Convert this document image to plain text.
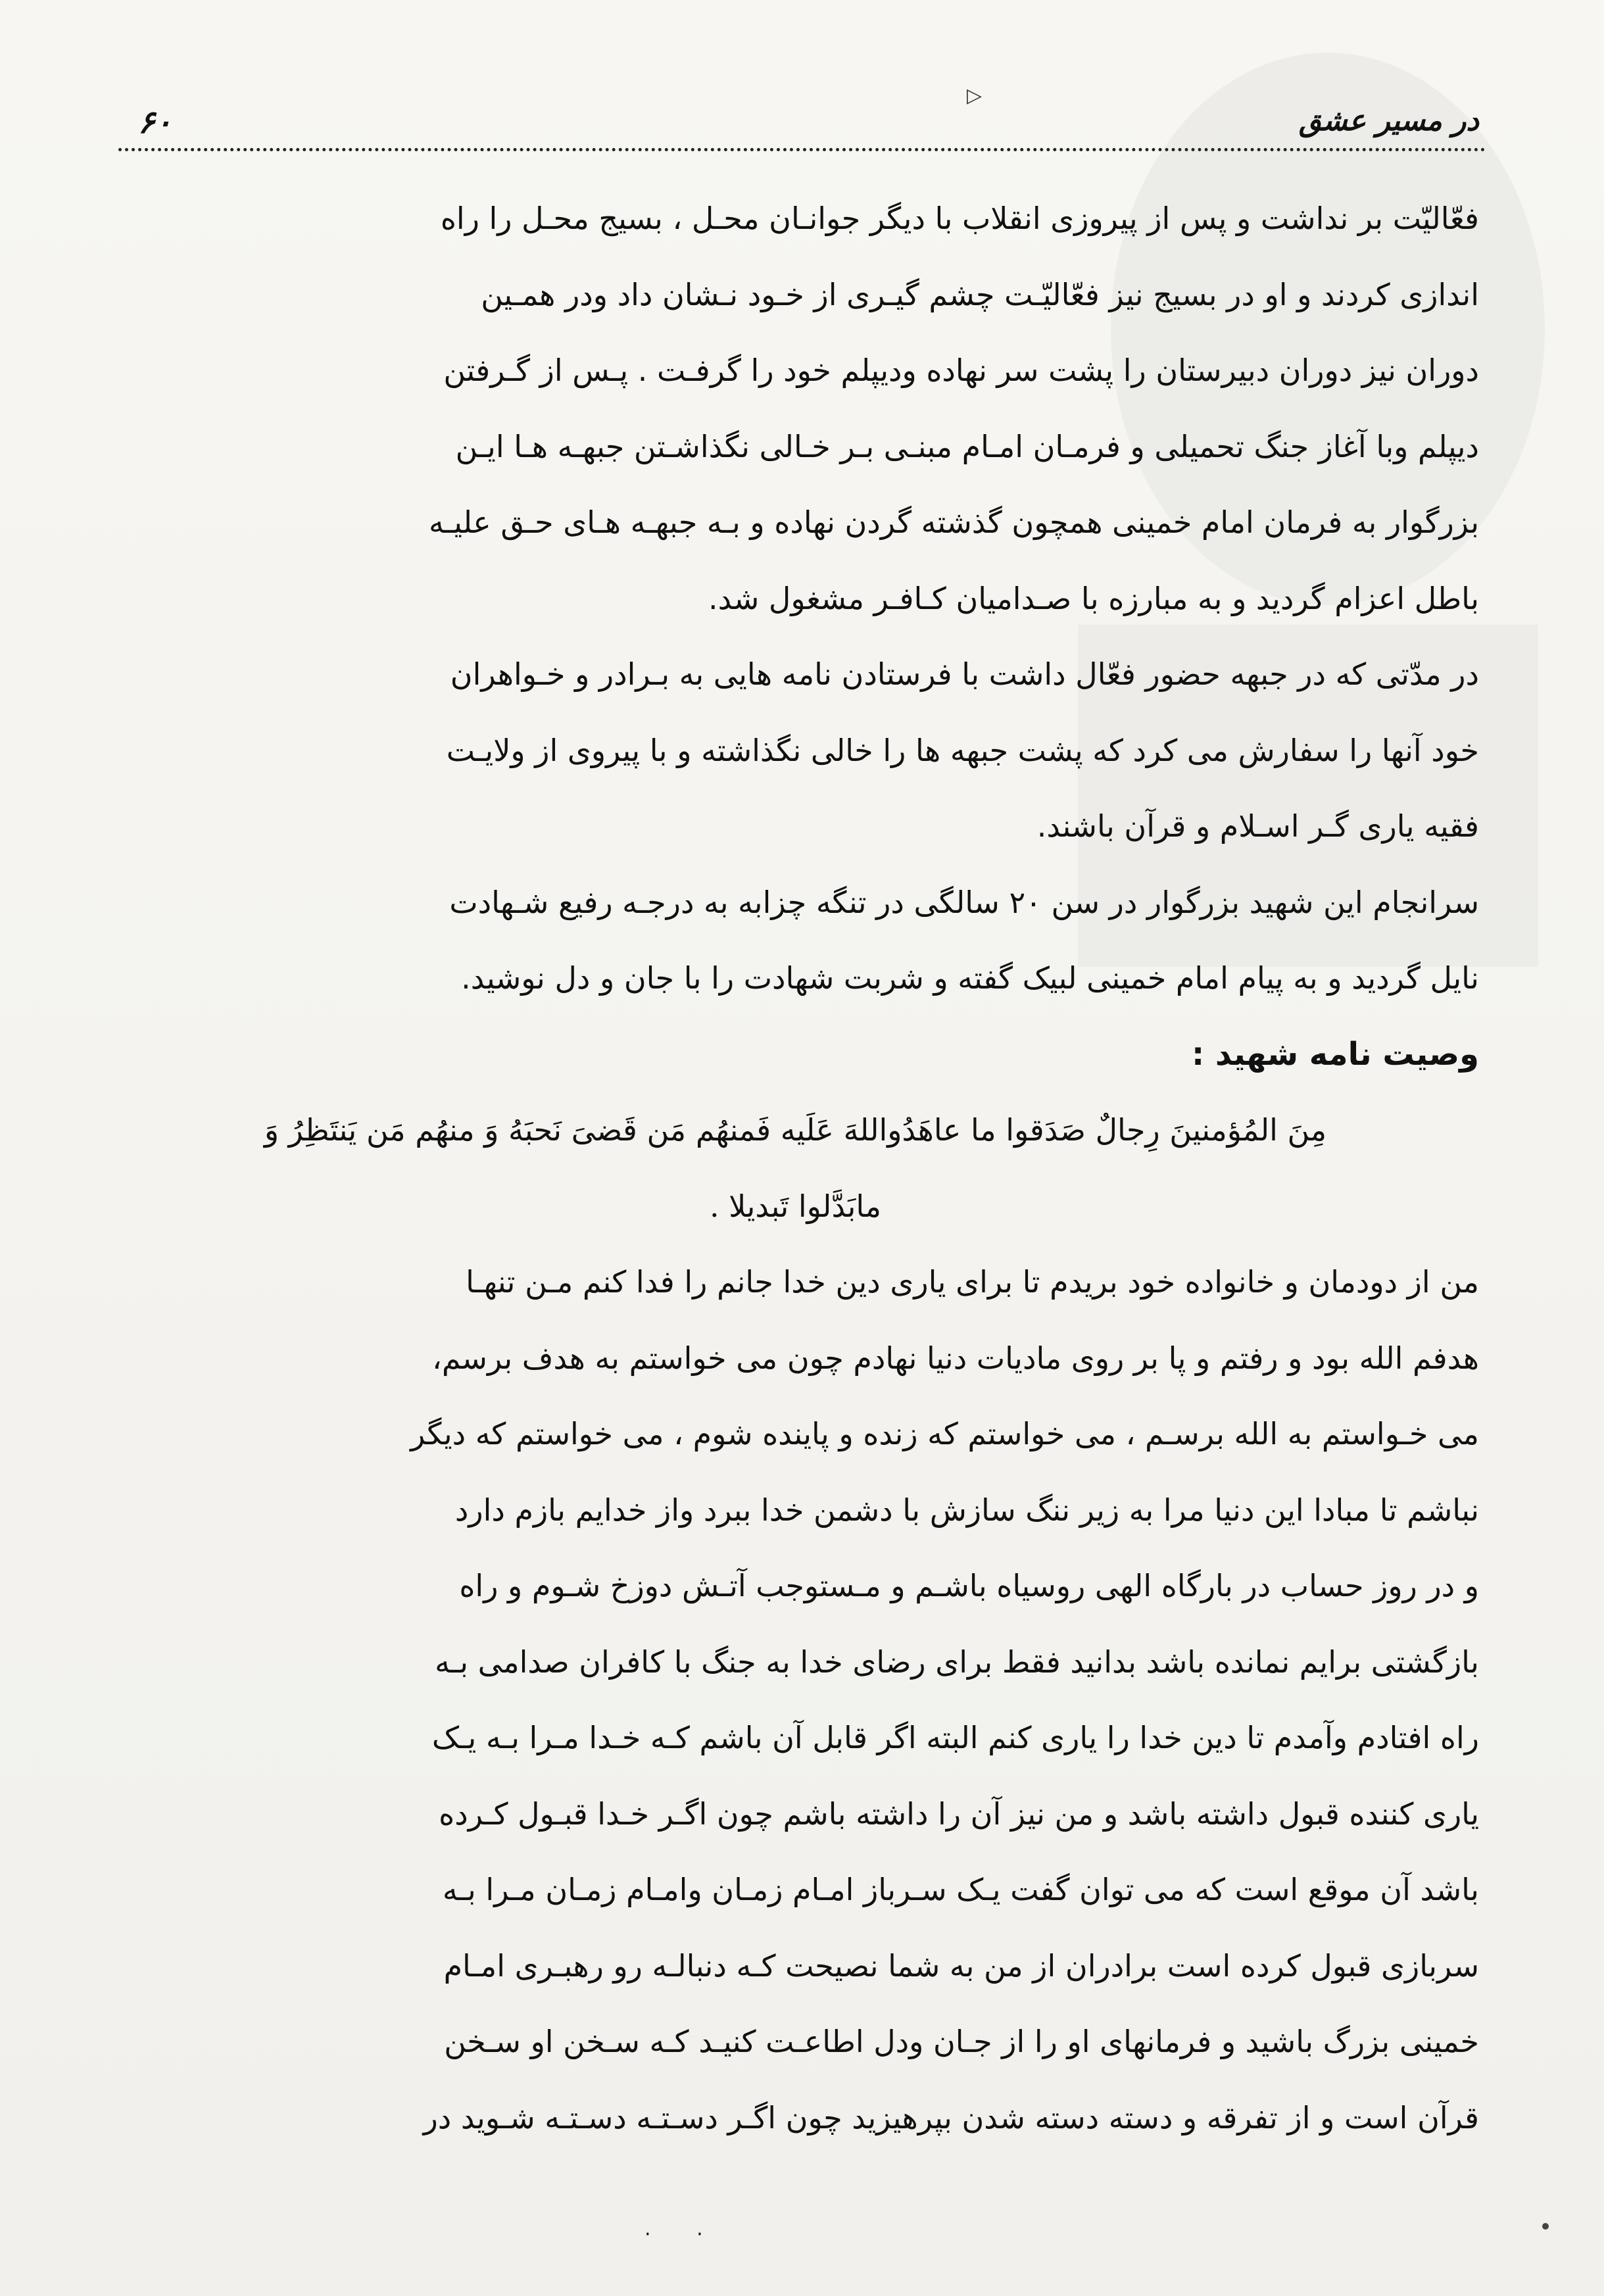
۶۰	در مسیر عشق
▷

فعّالیّت بر نداشت و پس از پیروزی انقلاب با دیگر جوانـان محـل ، بسیج محـل را راه
اندازی کردند و او در بسیج نیز فعّالیّـت چشم گیـری از خـود نـشان داد ودر همـین
دوران نیز دوران دبیرستان را پشت سر نهاده ودیپلم خود را گرفـت . پـس از گـرفتن
دیپلم وبا آغاز جنگ تحمیلی و فرمـان امـام مبنـی بـر خـالی نگذاشـتن جبهـه هـا ایـن
بزرگوار به فرمان امام خمینی همچون گذشته گردن نهاده و بـه جبهـه هـای حـق علیـه
باطل اعزام گردید و به مبارزه با صـدامیان کـافـر مشغول شد.

در مدّتی که در جبهه حضور فعّال داشت با فرستادن نامه هایی به بـرادر و خـواهران
خود آنها را سفارش می کرد که پشت جبهه ها را خالی نگذاشته و با پیروی از ولایـت
فقیه یاری گـر اسـلام و قرآن باشند.

سرانجام این شهید بزرگوار در سن ۲۰ سالگی در تنگه چزابه به درجـه رفیع شـهادت
نایل گردید و به پیام امام خمینی لبیک گفته و شربت شهادت را با جان و دل نوشید.

وصیت نامه شهید :

مِنَ المُؤمنینَ رِجالٌ صَدَقوا ما عاهَدُواللهَ عَلَیه فَمنهُم مَن قَضیَ نَحبَهُ وَ منهُم مَن یَنتَظِرُ وَ
مابَدَّلوا تَبدیلا .

من از دودمان و خانواده خود بریدم تا برای یاری دین خدا جانم را فدا کنم مـن تنهـا
هدفم الله بود و رفتم و پا بر روی مادیات دنیا نهادم چون می خواستم به هدف برسم،
می خـواستم به الله برسـم ، می خواستم که زنده و پاینده شوم ، می خواستم که دیگر
نباشم تا مبادا این دنیا مرا به زیر ننگ سازش با دشمن خدا ببرد واز خدایم بازم دارد
و در روز حساب در بارگاه الهی روسیاه باشـم و مـستوجب آتـش دوزخ شـوم و راه
بازگشتی برایم نمانده باشد بدانید فقط برای رضای خدا به جنگ با کافران صدامی بـه
راه افتادم وآمدم تا دین خدا را یاری کنم البته اگر قابل آن باشم کـه خـدا مـرا بـه یـک
یاری کننده قبول داشته باشد و من نیز آن را داشته باشم چون اگـر خـدا قبـول کـرده
باشد آن موقع است که می توان گفت یـک سـرباز امـام زمـان وامـام زمـان مـرا بـه
سربازی قبول کرده است برادران از من به شما نصیحت کـه دنبالـه رو رهبـری امـام
خمینی بزرگ باشید و فرمانهای او را از جـان ودل اطاعـت کنیـد کـه سـخن او سـخن
قرآن است و از تفرقه و دسته دسته شدن بپرهیزید چون اگـر دسـتـه دسـتـه شـوید در

· ·
